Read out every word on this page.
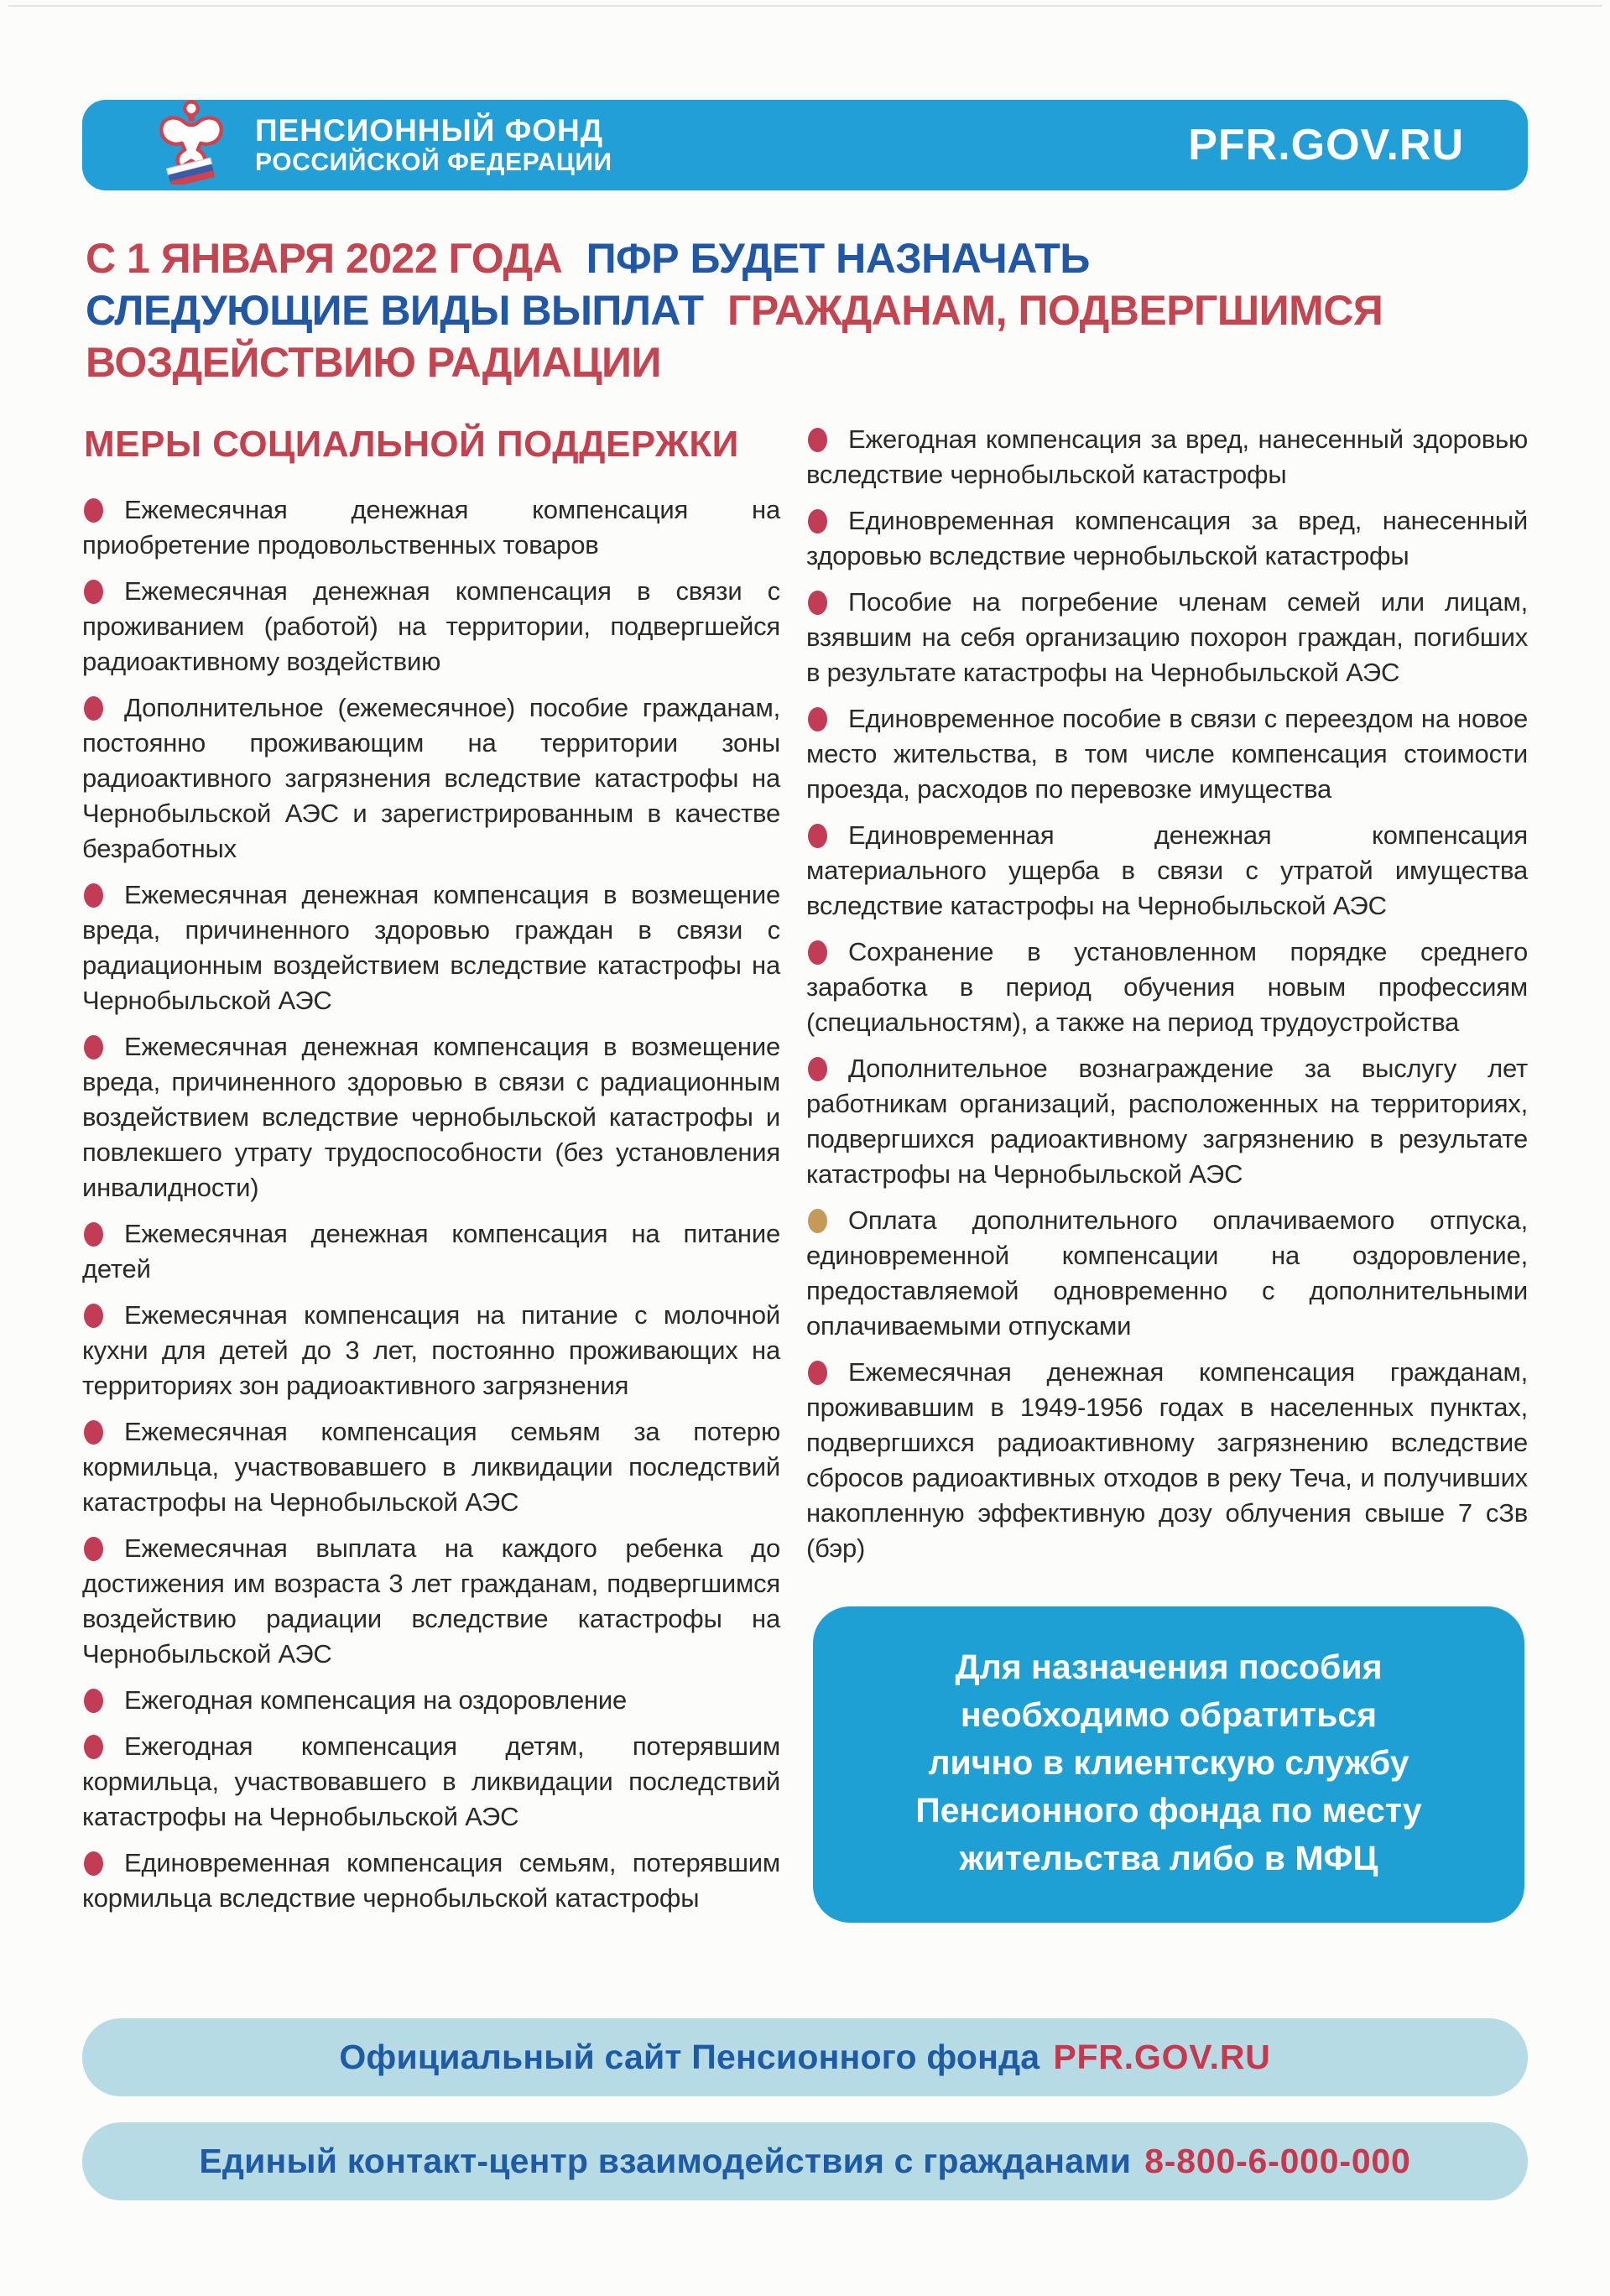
ПЕНСИОННЫЙ ФОНД
РОССИЙСКОЙ ФЕДЕРАЦИИ	PFR.GOV.RU
С 1 ЯНВАРЯ 2022 ГОДА ПФР БУДЕТ НАЗНАЧАТЬ
СЛЕДУЮЩИЕ ВИДЫ ВЫПЛАТ ГРАЖДАНАМ, ПОДВЕРГШИМСЯ
ВОЗДЕЙСТВИЮ РАДИАЦИИ
МЕРЫ СОЦИАЛЬНОЙ ПОДДЕРЖКИ
Ежемесячная денежная компенсация на приобретение продовольственных товаров
Ежемесячная денежная компенсация в связи с проживанием (работой) на территории, подвергшейся радиоактивному воздействию
Дополнительное (ежемесячное) пособие гражданам, постоянно проживающим на территории зоны радиоактивного загрязнения вследствие катастрофы на Чернобыльской АЭС и зарегистрированным в качестве безработных
Ежемесячная денежная компенсация в возмещение вреда, причиненного здоровью граждан в связи с радиационным воздействием вследствие катастрофы на Чернобыльской АЭС
Ежемесячная денежная компенсация в возмещение вреда, причиненного здоровью в связи с радиационным воздействием вследствие чернобыльской катастрофы и повлекшего утрату трудоспособности (без установления инвалидности)
Ежемесячная денежная компенсация на питание детей
Ежемесячная компенсация на питание с молочной кухни для детей до 3 лет, постоянно проживающих на территориях зон радиоактивного загрязнения
Ежемесячная компенсация семьям за потерю кормильца, участвовавшего в ликвидации последствий катастрофы на Чернобыльской АЭС
Ежемесячная выплата на каждого ребенка до достижения им возраста 3 лет гражданам, подвергшимся воздействию радиации вследствие катастрофы на Чернобыльской АЭС
Ежегодная компенсация на оздоровление
Ежегодная компенсация детям, потерявшим кормильца, участвовавшего в ликвидации последствий катастрофы на Чернобыльской АЭС
Единовременная компенсация семьям, потерявшим кормильца вследствие чернобыльской катастрофы
Ежегодная компенсация за вред, нанесенный здоровью вследствие чернобыльской катастрофы
Единовременная компенсация за вред, нанесенный здоровью вследствие чернобыльской катастрофы
Пособие на погребение членам семей или лицам, взявшим на себя организацию похорон граждан, погибших в результате катастрофы на Чернобыльской АЭС
Единовременное пособие в связи с переездом на новое место жительства, в том числе компенсация стоимости проезда, расходов по перевозке имущества
Единовременная денежная компенсация материального ущерба в связи с утратой имущества вследствие катастрофы на Чернобыльской АЭС
Сохранение в установленном порядке среднего заработка в период обучения новым профессиям (специальностям), а также на период трудоустройства
Дополнительное вознаграждение за выслугу лет работникам организаций, расположенных на территориях, подвергшихся радиоактивному загрязнению в результате катастрофы на Чернобыльской АЭС
Оплата дополнительного оплачиваемого отпуска, единовременной компенсации на оздоровление, предоставляемой одновременно с дополнительными оплачиваемыми отпусками
Ежемесячная денежная компенсация гражданам, проживавшим в 1949-1956 годах в населенных пунктах, подвергшихся радиоактивному загрязнению вследствие сбросов радиоактивных отходов в реку Теча, и получивших накопленную эффективную дозу облучения свыше 7 сЗв (бэр)
Для назначения пособия
необходимо обратиться
лично в клиентскую службу
Пенсионного фонда по месту
жительства либо в МФЦ
Официальный сайт Пенсионного фонда PFR.GOV.RU
Единый контакт-центр взаимодействия с гражданами 8-800-6-000-000
